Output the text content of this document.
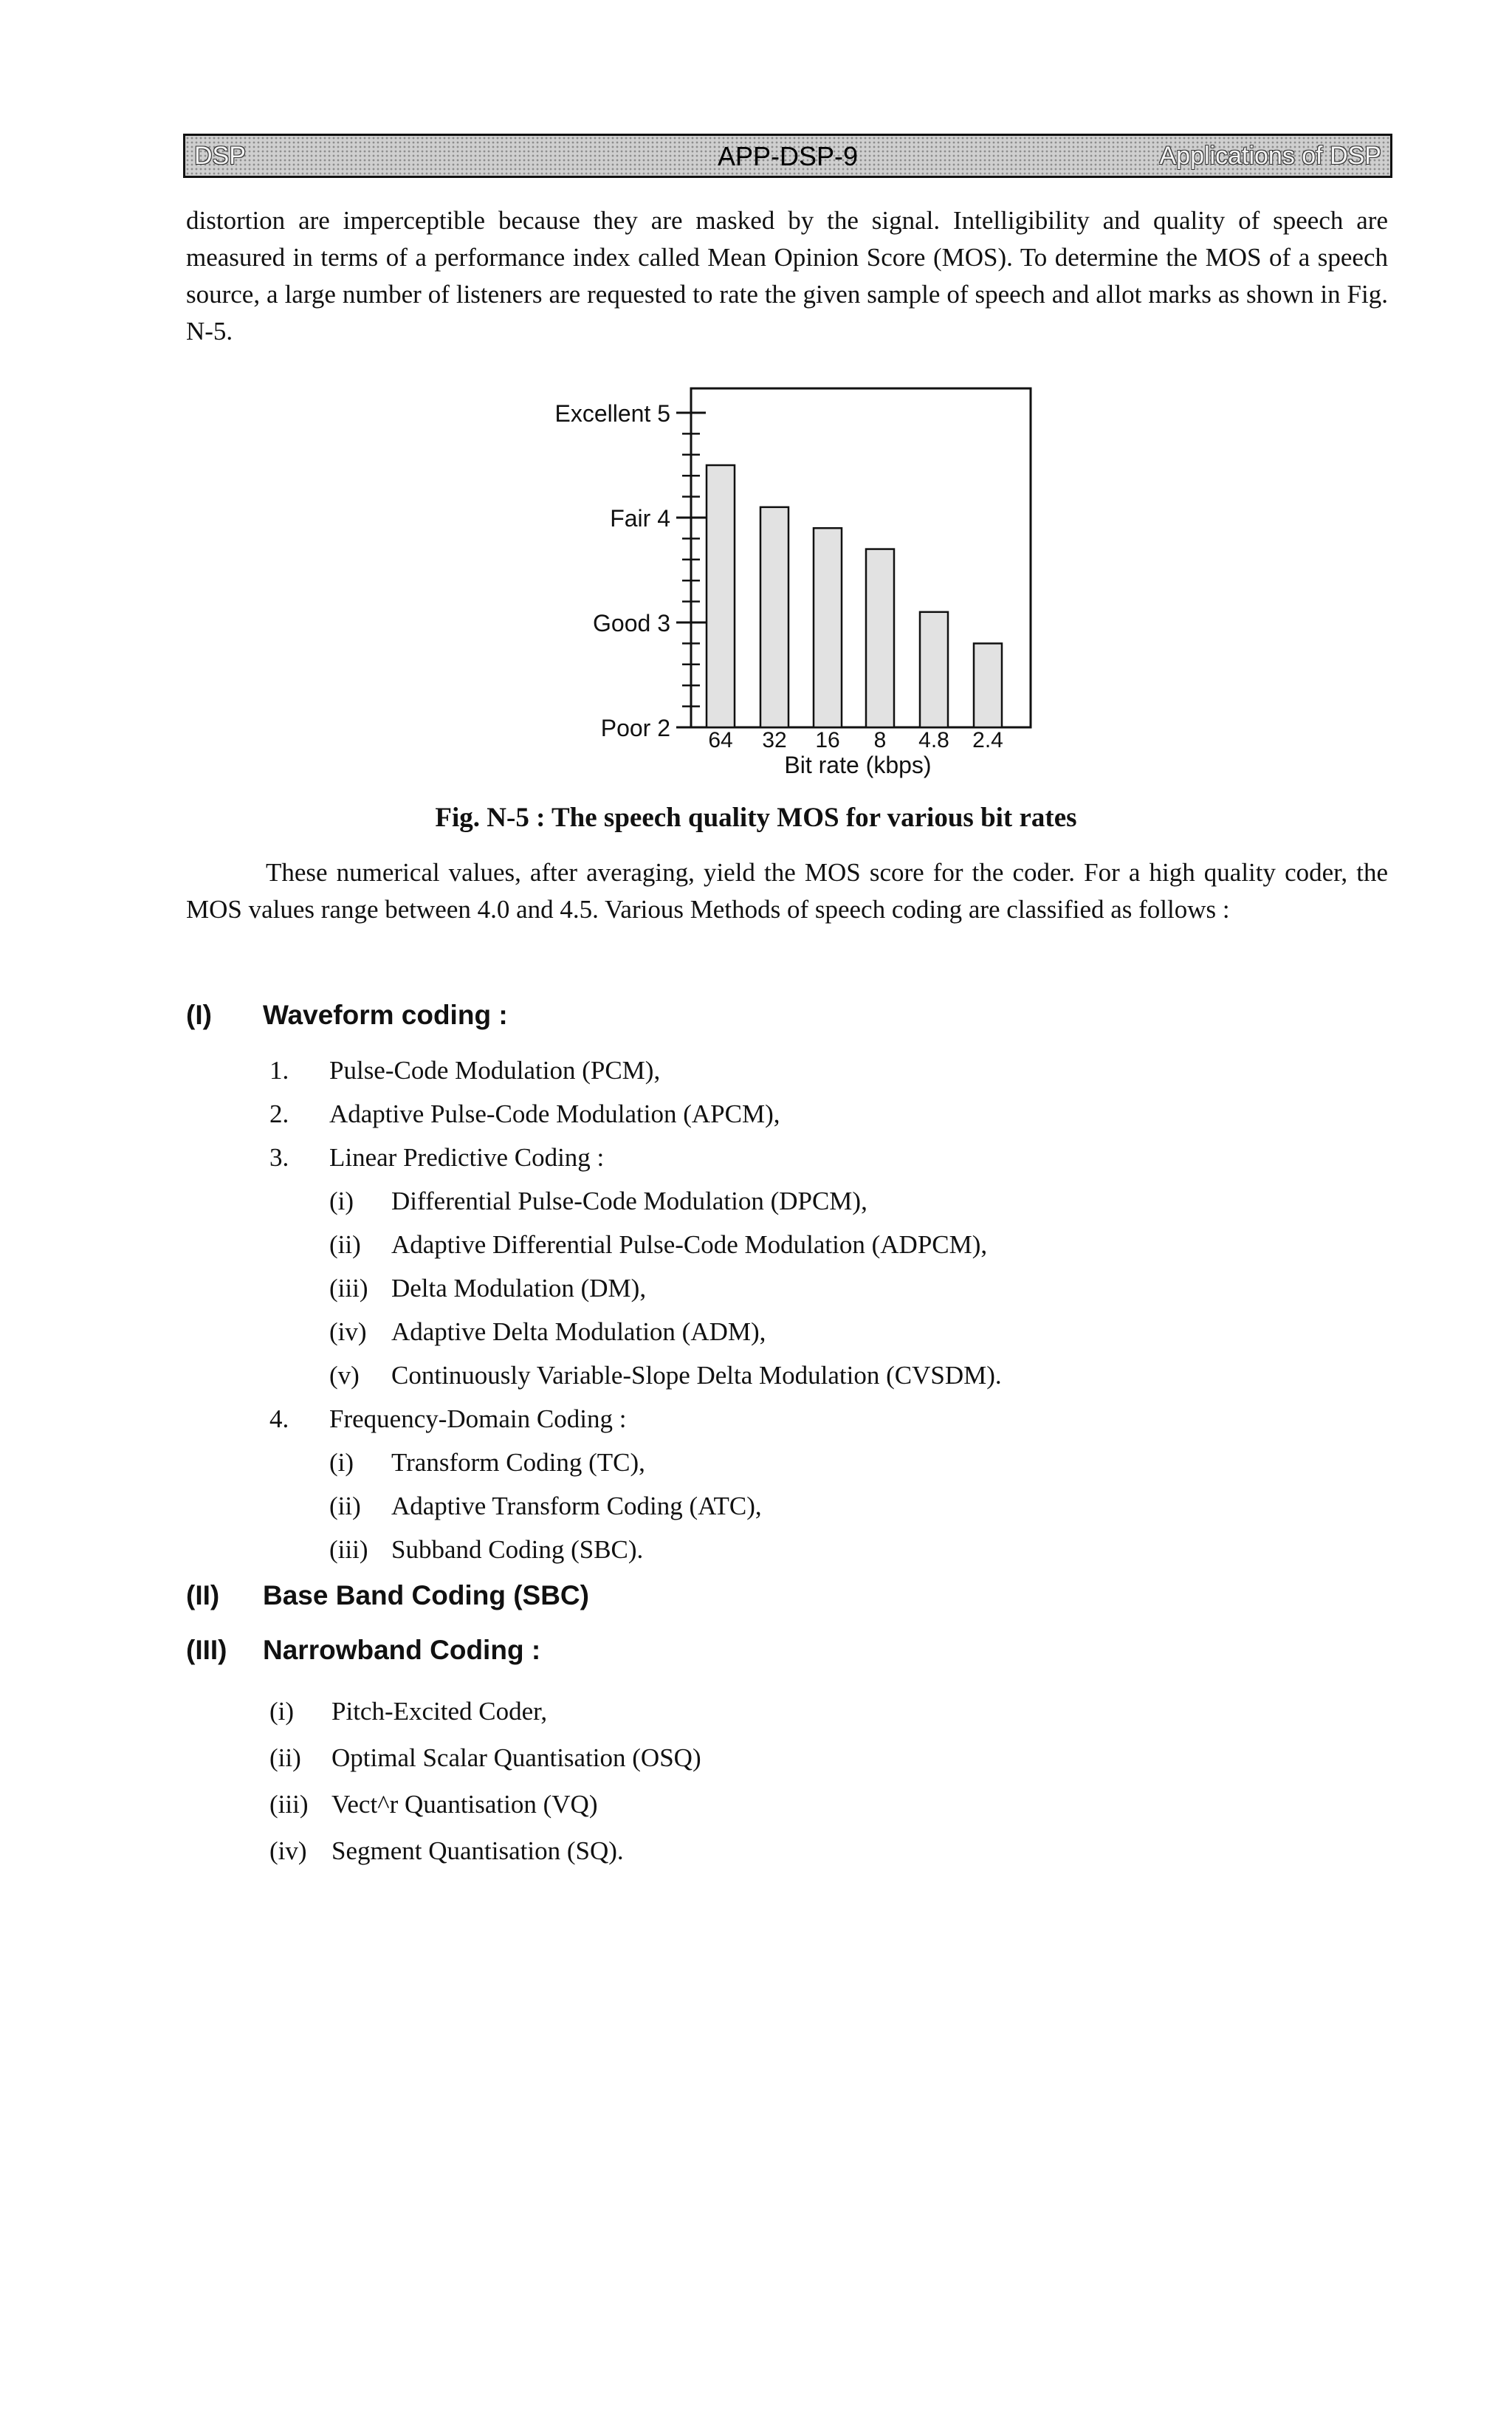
DSP	APP-DSP-9	Applications of DSP

distortion are imperceptible because they are masked by the signal. Intelligibility and quality of speech are measured in terms of a performance index called Mean Opinion Score (MOS). To determine the MOS of a speech source, a large number of listeners are requested to rate the given sample of speech and allot marks as shown in Fig. N-5.

Excellent 5
Fair 4
Good 3
Poor 2 64 32 16 8 4.8 2.4
Bit rate (kbps)
Fig. N-5 : The speech quality MOS for various bit rates

These numerical values, after averaging, yield the MOS score for the coder. For a high quality coder, the MOS values range between 4.0 and 4.5. Various Methods of speech coding are classified as follows :

(I) Waveform coding :
1. Pulse-Code Modulation (PCM),
2. Adaptive Pulse-Code Modulation (APCM),
3. Linear Predictive Coding :
(i) Differential Pulse-Code Modulation (DPCM),
(ii) Adaptive Differential Pulse-Code Modulation (ADPCM),
(iii) Delta Modulation (DM),
(iv) Adaptive Delta Modulation (ADM),
(v) Continuously Variable-Slope Delta Modulation (CVSDM).
4. Frequency-Domain Coding :
(i) Transform Coding (TC),
(ii) Adaptive Transform Coding (ATC),
(iii) Subband Coding (SBC).
(II) Base Band Coding (SBC)
(III) Narrowband Coding :
(i) Pitch-Excited Coder,
(ii) Optimal Scalar Quantisation (OSQ)
(iii) Vect^r Quantisation (VQ)
(iv) Segment Quantisation (SQ).
